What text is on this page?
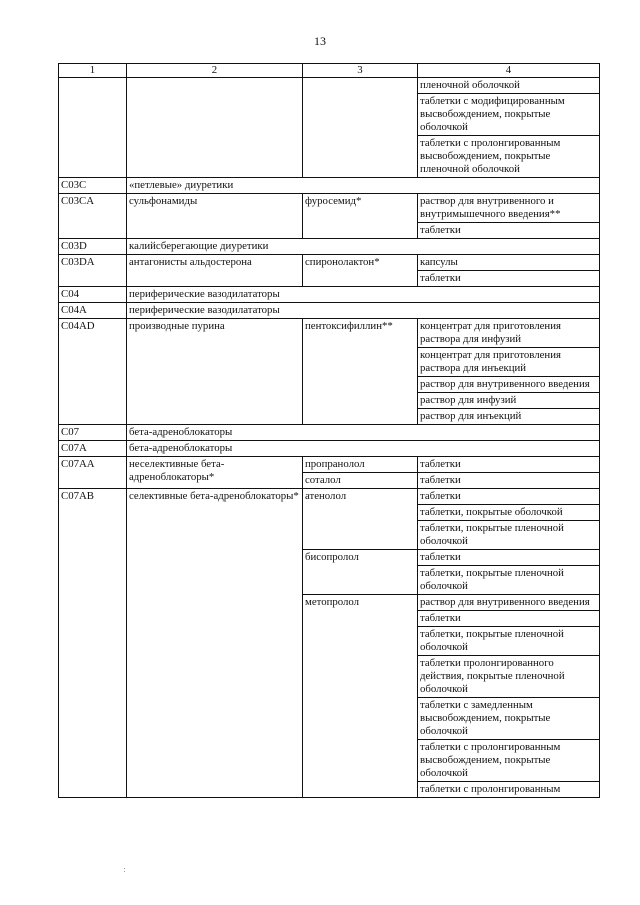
13
1	2	3	4
			пленочной оболочкой
			таблетки с модифицированным высвобождением, покрытые оболочкой
			таблетки с пролонгированным высвобождением, покрытые пленочной оболочкой
C03C	«петлевые» диуретики		
C03CA	сульфонамиды	фуросемид*	раствор для внутривенного и внутримышечного введения**
			таблетки
C03D	калийсберегающие диуретики		
C03DA	антагонисты альдостерона	спиронолактон*	капсулы
			таблетки
C04	периферические вазодилататоры		
C04A	периферические вазодилататоры		
C04AD	производные пурина	пентоксифиллин**	концентрат для приготовления раствора для инфузий
			концентрат для приготовления раствора для инъекций
			раствор для внутривенного введения
			раствор для инфузий
			раствор для инъекций
C07	бета-адреноблокаторы		
C07A	бета-адреноблокаторы		
C07AA	неселективные бета-адреноблокаторы*	пропранолол	таблетки
		соталол	таблетки
C07AB	селективные бета-адреноблокаторы*	атенолол	таблетки
			таблетки, покрытые оболочкой
			таблетки, покрытые пленочной оболочкой
		бисопролол	таблетки
			таблетки, покрытые пленочной оболочкой
		метопролол	раствор для внутривенного введения
			таблетки
			таблетки, покрытые пленочной оболочкой
			таблетки пролонгированного действия, покрытые пленочной оболочкой
			таблетки с замедленным высвобождением, покрытые оболочкой
			таблетки с пролонгированным высвобождением, покрытые оболочкой
			таблетки с пролонгированным
